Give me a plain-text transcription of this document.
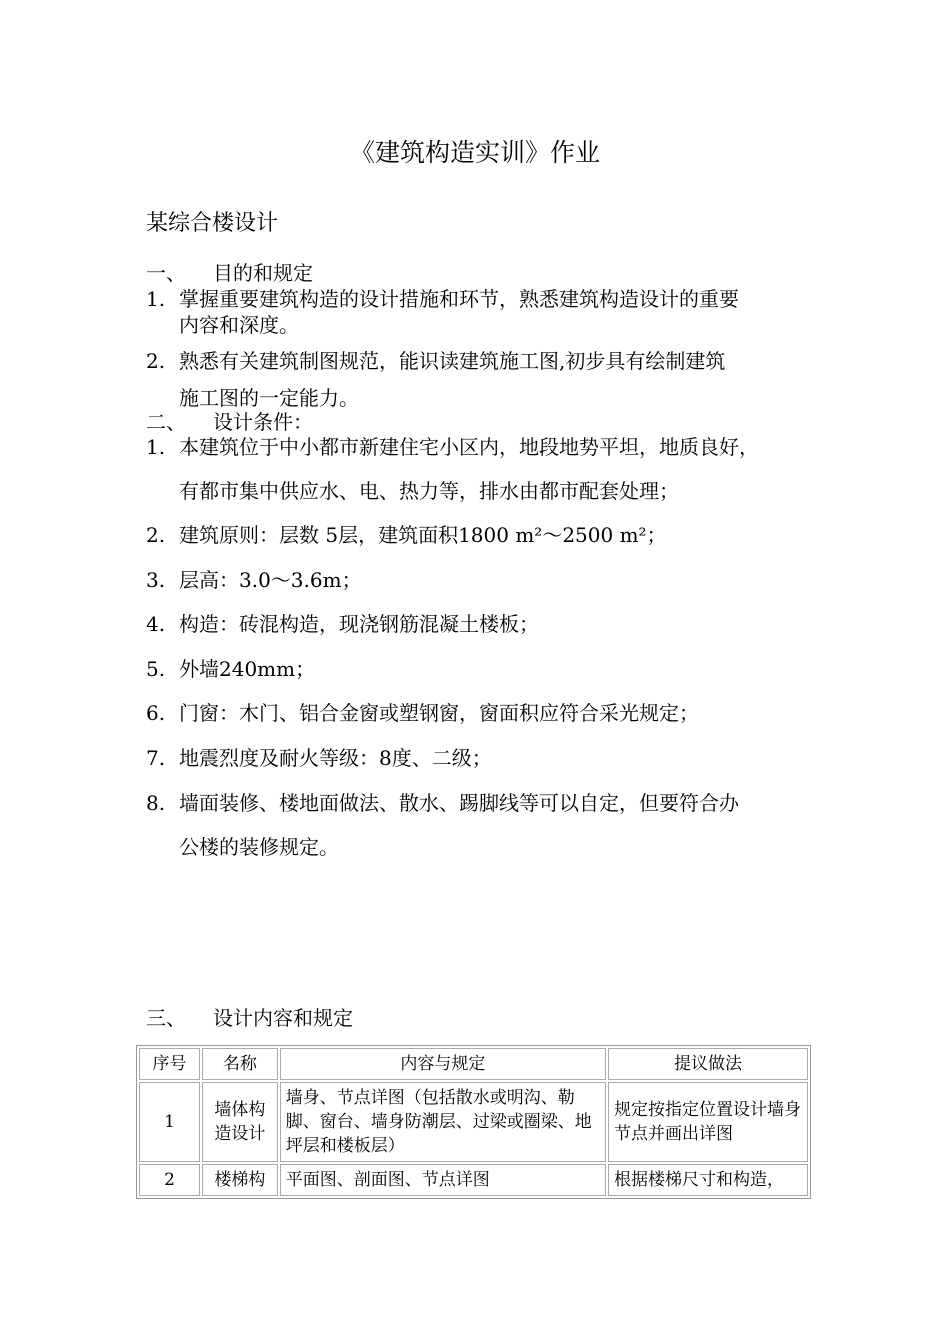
《建筑构造实训》作业
某综合楼设计
一、 目的和规定
1. 掌握重要建筑构造的设计措施和环节，熟悉建筑构造设计的重要
内容和深度。
2. 熟悉有关建筑制图规范，能识读建筑施工图,初步具有绘制建筑
施工图的一定能力。
二、 设计条件：
1. 本建筑位于中小都市新建住宅小区内，地段地势平坦，地质良好，
有都市集中供应水、电、热力等，排水由都市配套处理；
2. 建筑原则：层数 5层，建筑面积1800 m²～2500 m²；
3. 层高：3.0～3.6m；
4. 构造：砖混构造，现浇钢筋混凝土楼板；
5. 外墙240mm；
6. 门窗：木门、铝合金窗或塑钢窗，窗面积应符合采光规定；
7. 地震烈度及耐火等级：8度、二级；
8. 墙面装修、楼地面做法、散水、踢脚线等可以自定，但要符合办
公楼的装修规定。
三、 设计内容和规定
序号	名称	内容与规定	提议做法
1	墙体构造设计	墙身、节点详图（包括散水或明沟、勒脚、窗台、墙身防潮层、过梁或圈梁、地坪层和楼板层）	规定按指定位置设计墙身节点并画出详图
2	楼梯构	平面图、剖面图、节点详图	根据楼梯尺寸和构造，
